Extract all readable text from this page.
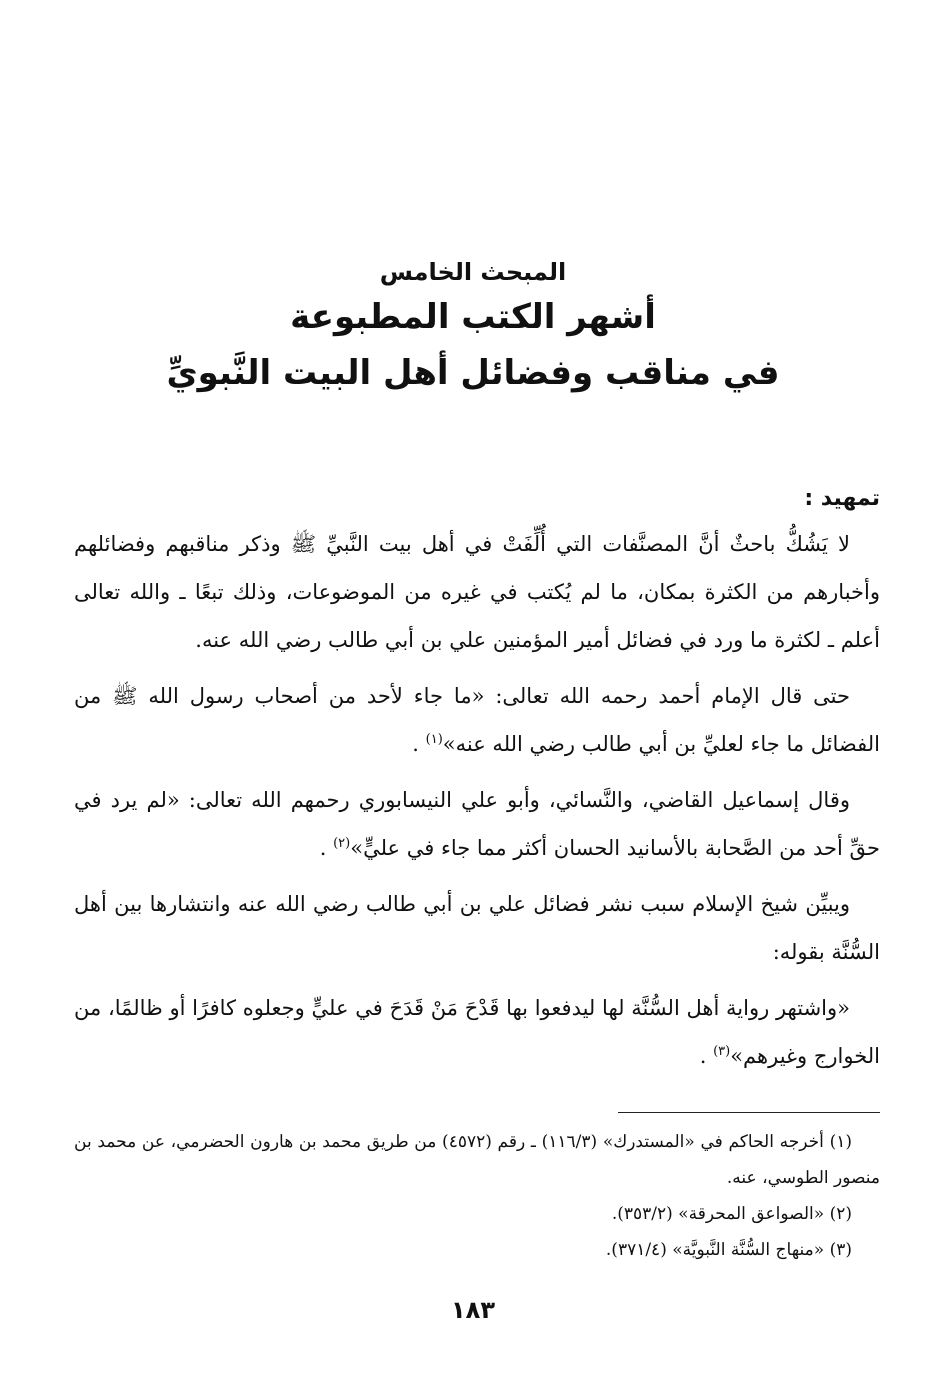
المبحث الخامس

أشهر الكتب المطبوعة

في مناقب وفضائل أهل البيت النَّبويِّ

تمهيد :

لا يَشُكُّ باحثٌ أنَّ المصنَّفات التي أُلِّفَتْ في أهل بيت النَّبيِّ ﷺ وذكر مناقبهم وفضائلهم وأخبارهم من الكثرة بمكان، ما لم يُكتب في غيره من الموضوعات، وذلك تبعًا ـ والله تعالى أعلم ـ لكثرة ما ورد في فضائل أمير المؤمنين علي بن أبي طالب رضي الله عنه.

حتى قال الإمام أحمد رحمه الله تعالى: «ما جاء لأحد من أصحاب رسول الله ﷺ من الفضائل ما جاء لعليِّ بن أبي طالب رضي الله عنه»$^{(١)}$ .

وقال إسماعيل القاضي، والنَّسائي، وأبو علي النيسابوري رحمهم الله تعالى: «لم يرد في حقِّ أحد من الصَّحابة بالأسانيد الحسان أكثر مما جاء في عليٍّ»$^{(٢)}$ .

ويبيِّن شيخ الإسلام سبب نشر فضائل علي بن أبي طالب رضي الله عنه وانتشارها بين أهل السُّنَّة بقوله:

«واشتهر رواية أهل السُّنَّة لها ليدفعوا بها قَدْحَ مَنْ قَدَحَ في عليٍّ وجعلوه كافرًا أو ظالمًا، من الخوارج وغيرهم»$^{(٣)}$ .

(١) أخرجه الحاكم في «المستدرك» (١١٦/٣) ـ رقم (٤٥٧٢) من طريق محمد بن هارون الحضرمي، عن محمد بن منصور الطوسي، عنه.

(٢) «الصواعق المحرقة» (٣٥٣/٢).

(٣) «منهاج السُّنَّة النَّبويَّة» (٣٧١/٤).

١٨٣
